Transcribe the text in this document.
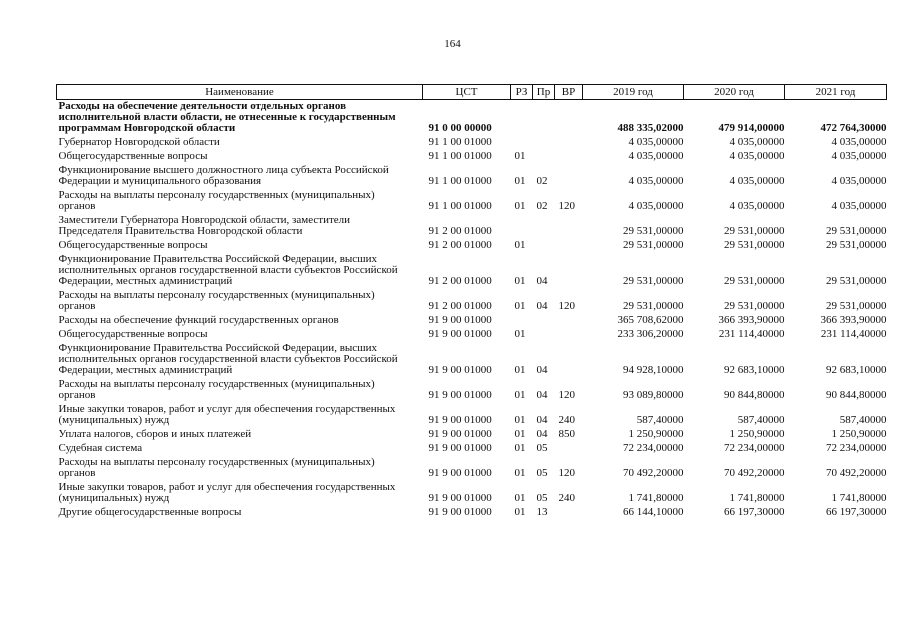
164
Наименование	ЦСТ	РЗ	Пр	ВР	2019 год	2020 год	2021 год
Расходы на обеспечение деятельности отдельных органов исполнительной власти области, не отнесенные к государственным программам Новгородской области	91 0 00 00000				488 335,02000	479 914,00000	472 764,30000
Губернатор Новгородской области	91 1 00 01000				4 035,00000	4 035,00000	4 035,00000
Общегосударственные вопросы	91 1 00 01000	01			4 035,00000	4 035,00000	4 035,00000
Функционирование высшего должностного лица субъекта Российской Федерации и муниципального образования	91 1 00 01000	01	02		4 035,00000	4 035,00000	4 035,00000
Расходы на выплаты персоналу государственных (муниципальных) органов	91 1 00 01000	01	02	120	4 035,00000	4 035,00000	4 035,00000
Заместители Губернатора Новгородской области, заместители Председателя Правительства Новгородской области	91 2 00 01000				29 531,00000	29 531,00000	29 531,00000
Общегосударственные вопросы	91 2 00 01000	01			29 531,00000	29 531,00000	29 531,00000
Функционирование Правительства Российской Федерации, высших исполнительных органов государственной власти субъектов Российской Федерации, местных администраций	91 2 00 01000	01	04		29 531,00000	29 531,00000	29 531,00000
Расходы на выплаты персоналу государственных (муниципальных) органов	91 2 00 01000	01	04	120	29 531,00000	29 531,00000	29 531,00000
Расходы на обеспечение функций государственных органов	91 9 00 01000				365 708,62000	366 393,90000	366 393,90000
Общегосударственные вопросы	91 9 00 01000	01			233 306,20000	231 114,40000	231 114,40000
Функционирование Правительства Российской Федерации, высших исполнительных органов государственной власти субъектов Российской Федерации, местных администраций	91 9 00 01000	01	04		94 928,10000	92 683,10000	92 683,10000
Расходы на выплаты персоналу государственных (муниципальных) органов	91 9 00 01000	01	04	120	93 089,80000	90 844,80000	90 844,80000
Иные закупки товаров, работ и услуг для обеспечения государственных (муниципальных) нужд	91 9 00 01000	01	04	240	587,40000	587,40000	587,40000
Уплата налогов, сборов и иных платежей	91 9 00 01000	01	04	850	1 250,90000	1 250,90000	1 250,90000
Судебная система	91 9 00 01000	01	05		72 234,00000	72 234,00000	72 234,00000
Расходы на выплаты персоналу государственных (муниципальных) органов	91 9 00 01000	01	05	120	70 492,20000	70 492,20000	70 492,20000
Иные закупки товаров, работ и услуг для обеспечения государственных (муниципальных) нужд	91 9 00 01000	01	05	240	1 741,80000	1 741,80000	1 741,80000
Другие общегосударственные вопросы	91 9 00 01000	01	13		66 144,10000	66 197,30000	66 197,30000
